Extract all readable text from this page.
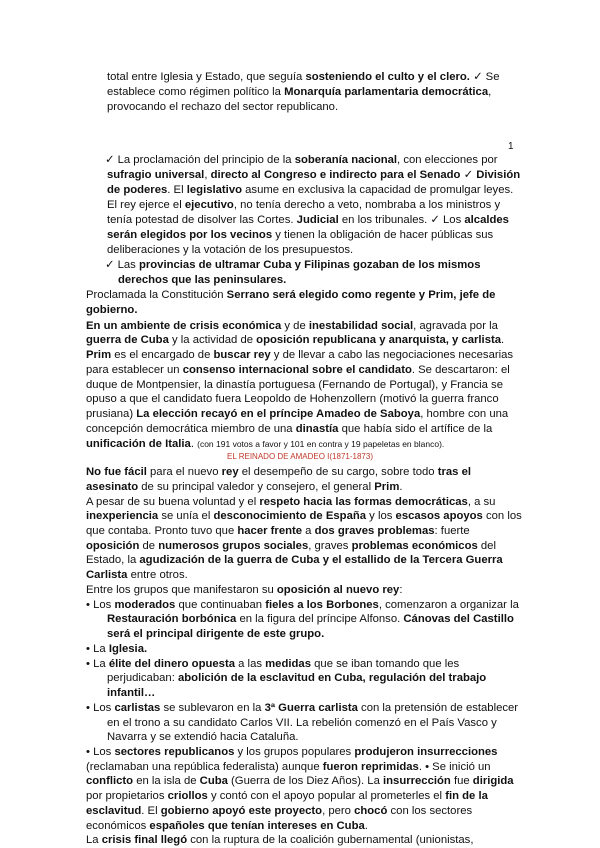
total entre Iglesia y Estado, que seguía sosteniendo el culto y el clero. ✓ Se

establece como régimen político la Monarquía parlamentaria democrática,

provocando el rechazo del sector republicano.

1

✓ La proclamación del principio de la soberanía nacional, con elecciones por

sufragio universal, directo al Congreso e indirecto para el Senado ✓ División

de poderes. El legislativo asume en exclusiva la capacidad de promulgar leyes.

El rey ejerce el ejecutivo, no tenía derecho a veto, nombraba a los ministros y

tenía potestad de disolver las Cortes. Judicial en los tribunales. ✓ Los alcaldes

serán elegidos por los vecinos y tienen la obligación de hacer públicas sus

deliberaciones y la votación de los presupuestos.

✓ Las provincias de ultramar Cuba y Filipinas gozaban de los mismos

derechos que las peninsulares.

Proclamada la Constitución Serrano será elegido como regente y Prim, jefe de

gobierno.

En un ambiente de crisis económica y de inestabilidad social, agravada por la

guerra de Cuba y la actividad de oposición republicana y anarquista, y carlista.

Prim es el encargado de buscar rey y de llevar a cabo las negociaciones necesarias

para establecer un consenso internacional sobre el candidato. Se descartaron: el

duque de Montpensier, la dinastía portuguesa (Fernando de Portugal), y Francia se

opuso a que el candidato fuera Leopoldo de Hohenzollern (motivó la guerra franco

prusiana) La elección recayó en el príncipe Amadeo de Saboya, hombre con una

concepción democrática miembro de una dinastía que había sido el artífice de la

unificación de Italia. (con 191 votos a favor y 101 en contra y 19 papeletas en blanco).

EL REINADO DE AMADEO I(1871-1873)

No fue fácil para el nuevo rey el desempeño de su cargo, sobre todo tras el

asesinato de su principal valedor y consejero, el general Prim.

A pesar de su buena voluntad y el respeto hacia las formas democráticas, a su

inexperiencia se unía el desconocimiento de España y los escasos apoyos con los

que contaba. Pronto tuvo que hacer frente a dos graves problemas: fuerte

oposición de numerosos grupos sociales, graves problemas económicos del

Estado, la agudización de la guerra de Cuba y el estallido de la Tercera Guerra

Carlista entre otros.

Entre los grupos que manifestaron su oposición al nuevo rey:

• Los moderados que continuaban fieles a los Borbones, comenzaron a organizar la

Restauración borbónica en la figura del príncipe Alfonso. Cánovas del Castillo

será el principal dirigente de este grupo.

• La Iglesia.

• La élite del dinero opuesta a las medidas que se iban tomando que les

perjudicaban: abolición de la esclavitud en Cuba, regulación del trabajo

infantil…

• Los carlistas se sublevaron en la 3ª Guerra carlista con la pretensión de establecer

en el trono a su candidato Carlos VII. La rebelión comenzó en el País Vasco y

Navarra y se extendió hacia Cataluña.

• Los sectores republicanos y los grupos populares produjeron insurrecciones

(reclamaban una república federalista) aunque fueron reprimidas. • Se inició un

conflicto en la isla de Cuba (Guerra de los Diez Años). La insurrección fue dirigida

por propietarios criollos y contó con el apoyo popular al prometerles el fin de la

esclavitud. El gobierno apoyó este proyecto, pero chocó con los sectores

económicos españoles que tenían intereses en Cuba.

La crisis final llegó con la ruptura de la coalición gubernamental (unionistas,
